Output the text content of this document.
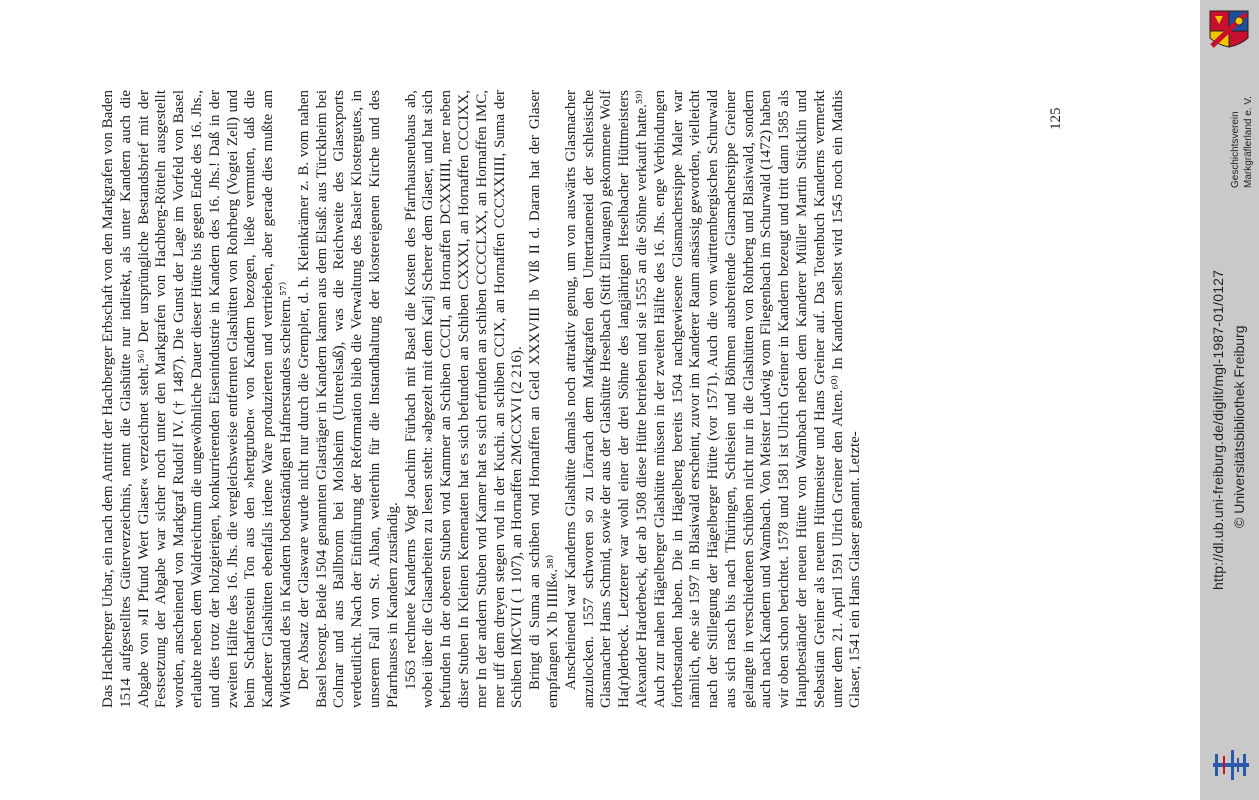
Das Hachberger Urbar, ein nach dem Antritt der Hachberger Erbschaft von den Markgrafen von Baden 1514 aufgestelltes Güterverzeichnis, nennt die Glashütte nur indirekt, als unter Kandern auch die Abgabe von »II Pfund Wert Glaser« verzeichnet steht.⁵⁶⁾ Der ursprüngliche Bestandsbrief mit der Festsetzung der Abgabe war sicher noch unter den Markgrafen von Hachberg-Rötteln ausgestellt worden, anscheinend von Markgraf Rudolf IV. († 1487). Die Gunst der Lage im Vorfeld von Basel erlaubte neben dem Waldreichtum die ungewöhnliche Dauer dieser Hütte bis gegen Ende des 16. Jhs., und dies trotz der holzgierigen, konkurrierenden Eisenindustrie in Kandern des 16. Jhs.! Daß in der zweiten Hälfte des 16. Jhs. die vergleichsweise entfernten Glashütten von Rohrberg (Vogtei Zell) und beim Scharfenstein Ton aus den »hertgruben« von Kandern bezogen, ließe vermuten, daß die Kanderer Glashütten ebenfalls irdene Ware produzierten und vertrieben, aber gerade dies mußte am Widerstand des in Kandern bodenständigen Hafnerstandes scheitern.⁵⁷⁾ Der Absatz der Glasware wurde nicht nur durch die Grempler, d. h. Kleinkrämer z. B. vom nahen Basel besorgt. Beide 1504 genannten Glasträger in Kandern kamen aus dem Elsaß: aus Türckheim bei Colmar und aus Ballbronn bei Molsheim (Unterelsaß), was die Reichweite des Glasexports verdeutlicht. Nach der Einführung der Reformation blieb die Verwaltung des Basler Klostergutes, in unserem Fall von St. Alban, weiterhin für die Instandhaltung der klostereigenen Kirche und des Pfarrhauses in Kandern zuständig. 1563 rechnete Kanderns Vogt Joachim Fürbach mit Basel die Kosten des Pfarrhausneubaus ab, wobei über die Glasarbeiten zu lesen steht: »abgezelt mit dem Karlj Scherer dem Glaser, und hat sich befunden In der oberen Stuben vnd Kammer an Schiben CCCII, an Hornaffen DCXXIIII, mer neben diser Stuben In Kleinen Kemenaten hat es sich befunden an Schiben CXXXI, an Hornaffen CCCIXX, mer In der andern Stuben vnd Kamer hat es sich erfunden an schiben CCCCLXX, an Hornaffen IMC, mer uff dem dreyen stegen vnd in der Kuchi. an schiben CCIX, an Hornaffen CCCXXIIII, Suma der Schiben IMCVII ( 1 107), an Hornaffen 2MCCXVI (2 216). Bringt di Suma an schiben vnd Hornaffen an Geld XXXVIII lb VIß II d. Daran hat der Glaser empfangen X lb IIIIß«.⁵⁸⁾ Anscheinend war Kanderns Glashütte damals noch attraktiv genug, um von auswärts Glasmacher anzulocken. 1557 schworen so zu Lörrach dem Markgrafen den Untertaneneid der schlesische Glasmacher Hans Schmid, sowie der aus der Glashütte Heselbach (Stift Ellwangen) gekommene Wolf Ha(r)derbeck. Letzterer war wohl einer der drei Söhne des langjährigen Heselbacher Hüttmeisters Alexander Harderbeck, der ab 1508 diese Hütte betrieben und sie 1555 an die Söhne verkauft hatte.⁵⁹⁾ Auch zur nahen Hägelberger Glashütte müssen in der zweiten Hälfte des 16. Jhs. enge Verbindungen fortbestanden haben. Die in Hägelberg bereits 1504 nachgewiesene Glasmachersippe Maler war nämlich, ehe sie 1597 in Blasiwald erscheint, zuvor im Kanderer Raum ansässig geworden, vielleicht nach der Stillegung der Hägelberger Hütte (vor 1571). Auch die vom württembergischen Schurwald aus sich rasch bis nach Thüringen, Schlesien und Böhmen ausbreitende Glasmachersippe Greiner gelangte in verschiedenen Schüben nicht nur in die Glashütten von Rohrberg und Blasiwald, sondern auch nach Kandern und Wambach. Von Meister Ludwig vom Fliegenbach im Schurwald (1472) haben wir oben schon berichtet. 1578 und 1581 ist Ulrich Greiner in Kandern bezeugt und tritt dann 1585 als Hauptbeständer der neuen Hütte von Wambach neben dem Kanderer Müller Martin Stücklin und Sebastian Greiner als neuem Hüttmeister und Hans Greiner auf. Das Totenbuch Kanderns vermerkt unter dem 21. April 1591 Ulrich Greiner den Alten.⁶⁰⁾ In Kandern selbst wird 1545 noch ein Mathis Glaser, 1541 ein Hans Glaser genannt. Letzte-

125
http://dl.ub.uni-freiburg.de/diglit/mgl-1987-01/0127 © Universitätsbibliothek Freiburg
Geschichtsverein Markgräflerland e. V.
